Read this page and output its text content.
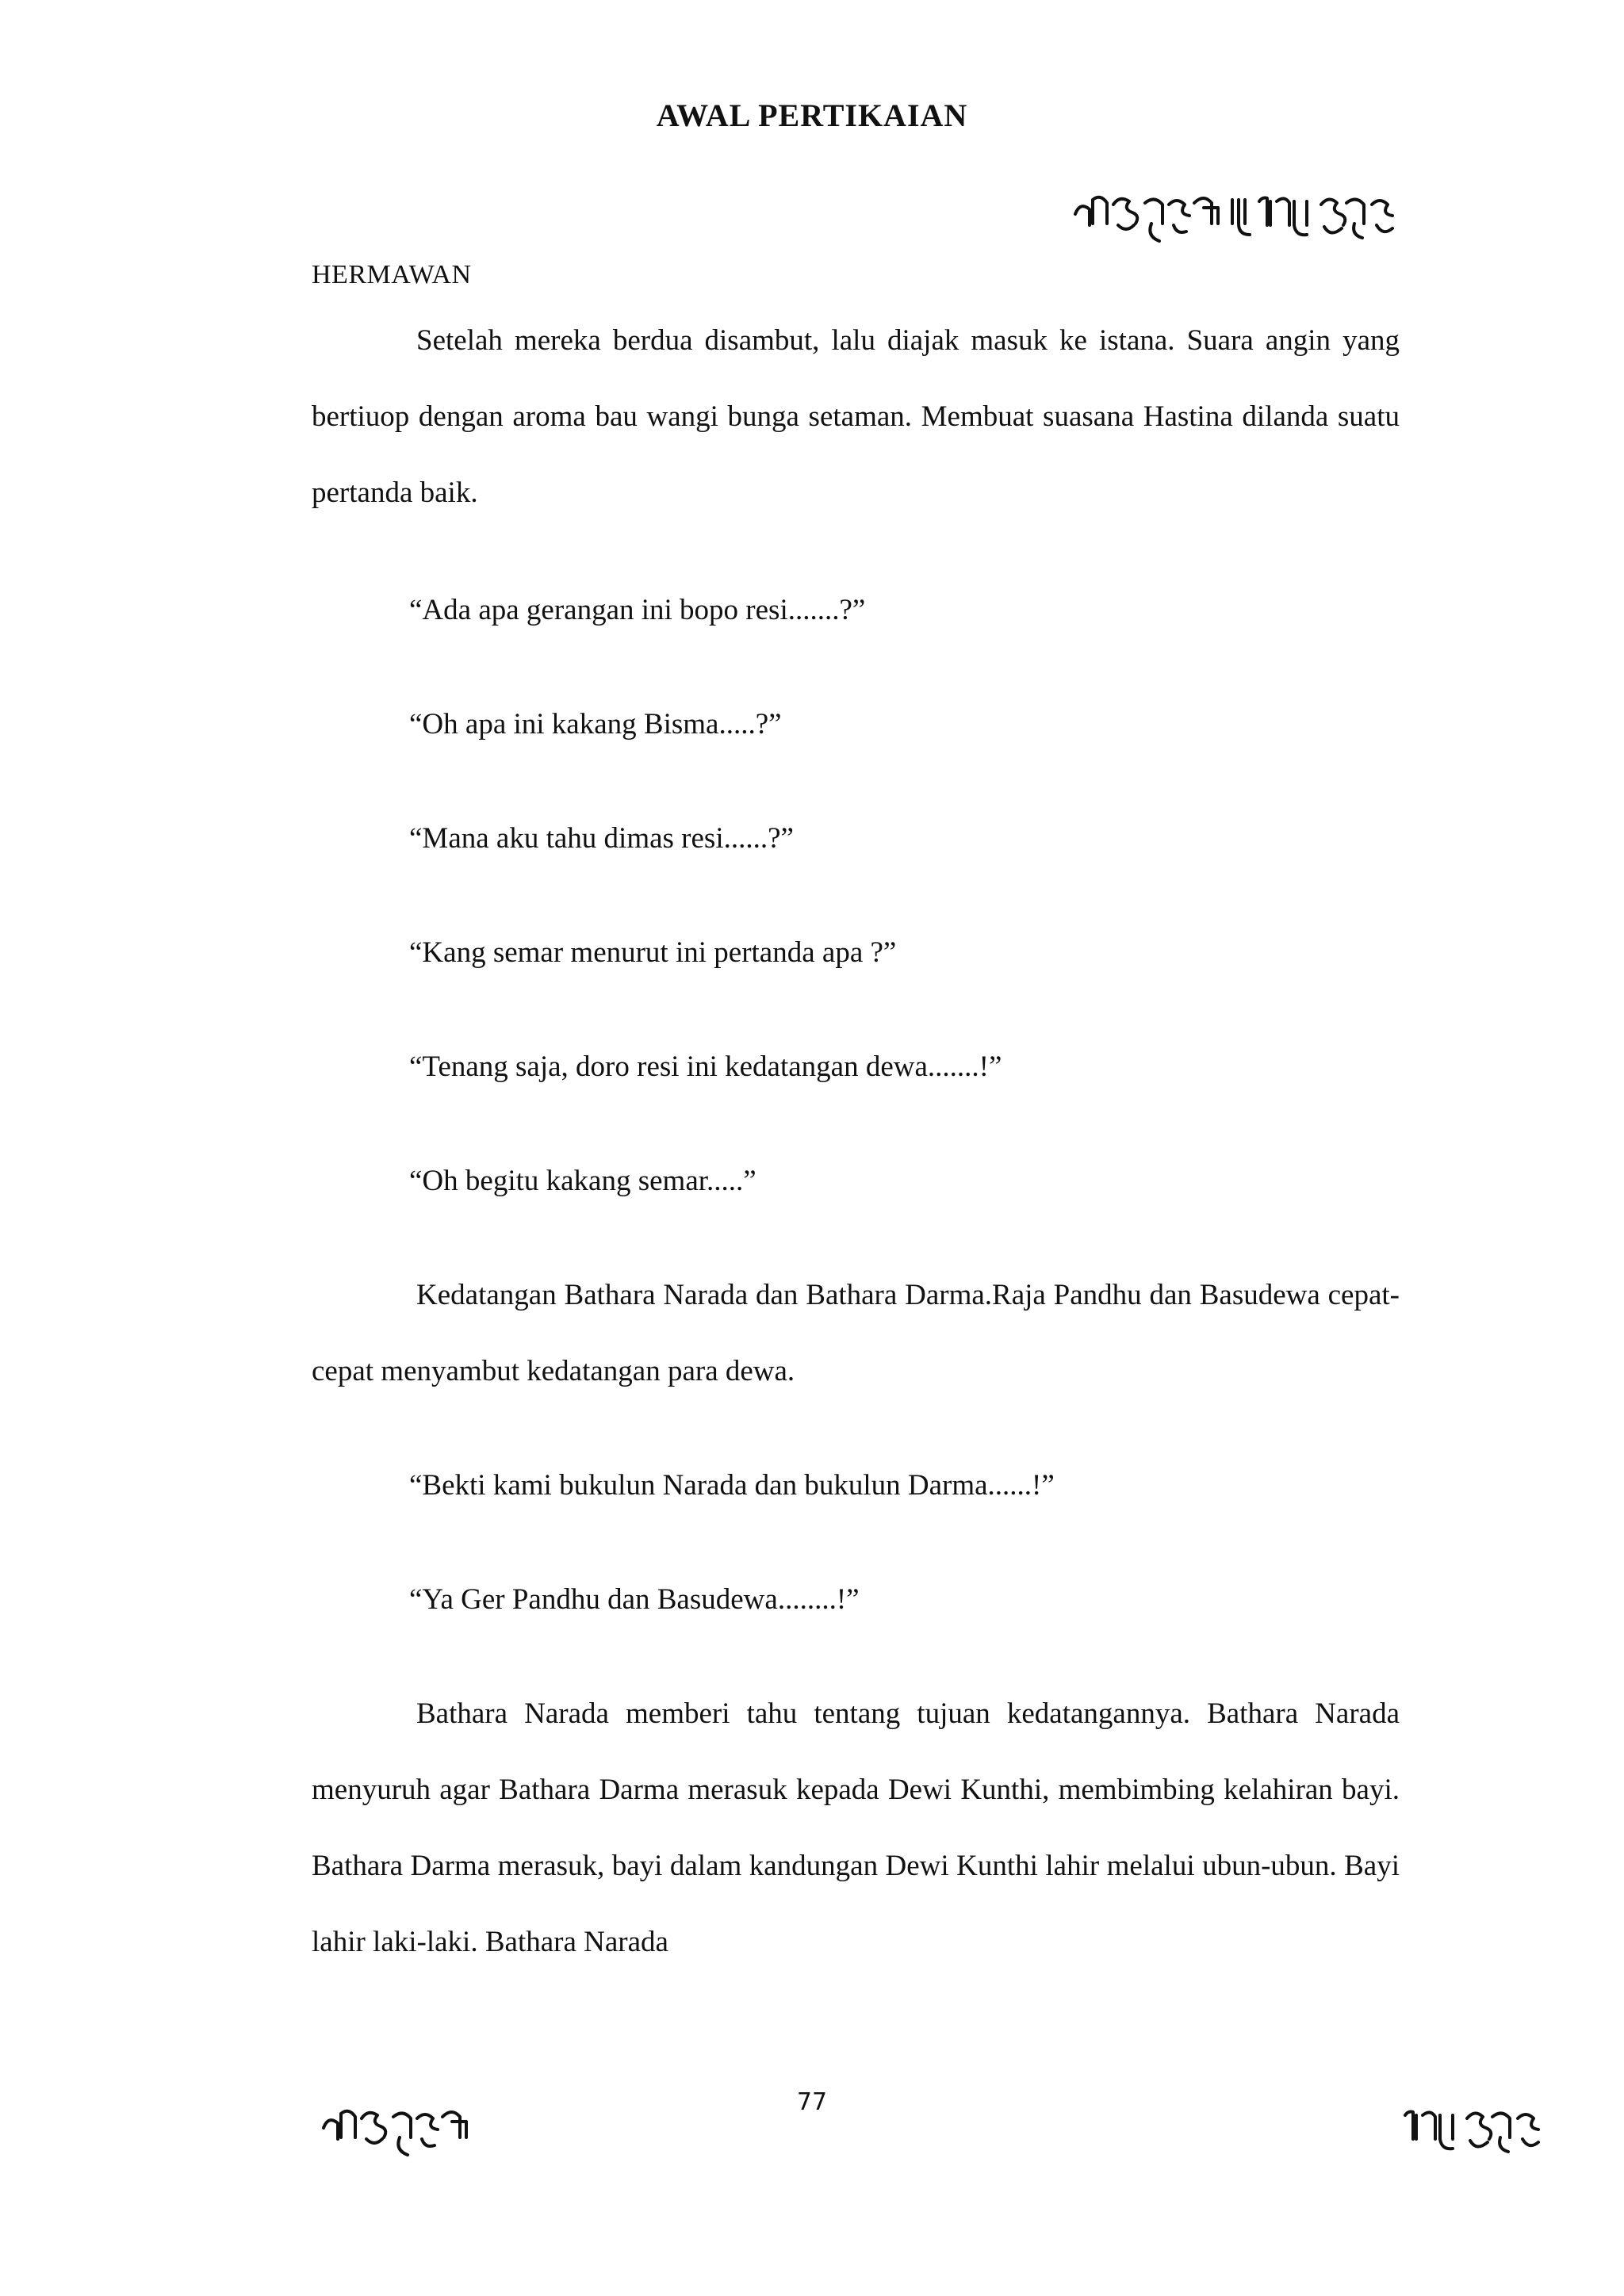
AWAL PERTIKAIAN
HERMAWAN

Setelah mereka berdua disambut, lalu diajak masuk ke istana. Suara angin yang bertiuop dengan aroma bau wangi bunga setaman. Membuat suasana Hastina dilanda suatu pertanda baik.

“Ada apa gerangan ini bopo resi.......?”

“Oh apa ini kakang Bisma.....?”

“Mana aku tahu dimas resi......?”

“Kang semar menurut ini pertanda apa ?”

“Tenang saja, doro resi ini kedatangan dewa.......!”

“Oh begitu kakang semar.....”

Kedatangan Bathara Narada dan Bathara Darma.Raja Pandhu dan Basudewa cepat-cepat menyambut kedatangan para dewa.

“Bekti kami bukulun Narada dan bukulun Darma......!”

“Ya Ger Pandhu dan Basudewa........!”

Bathara Narada memberi tahu tentang tujuan kedatangannya. Bathara Narada menyuruh agar Bathara Darma merasuk kepada Dewi Kunthi, membimbing kelahiran bayi. Bathara Darma merasuk, bayi dalam kandungan Dewi Kunthi lahir melalui ubun-ubun. Bayi lahir laki-laki. Bathara Narada

77
